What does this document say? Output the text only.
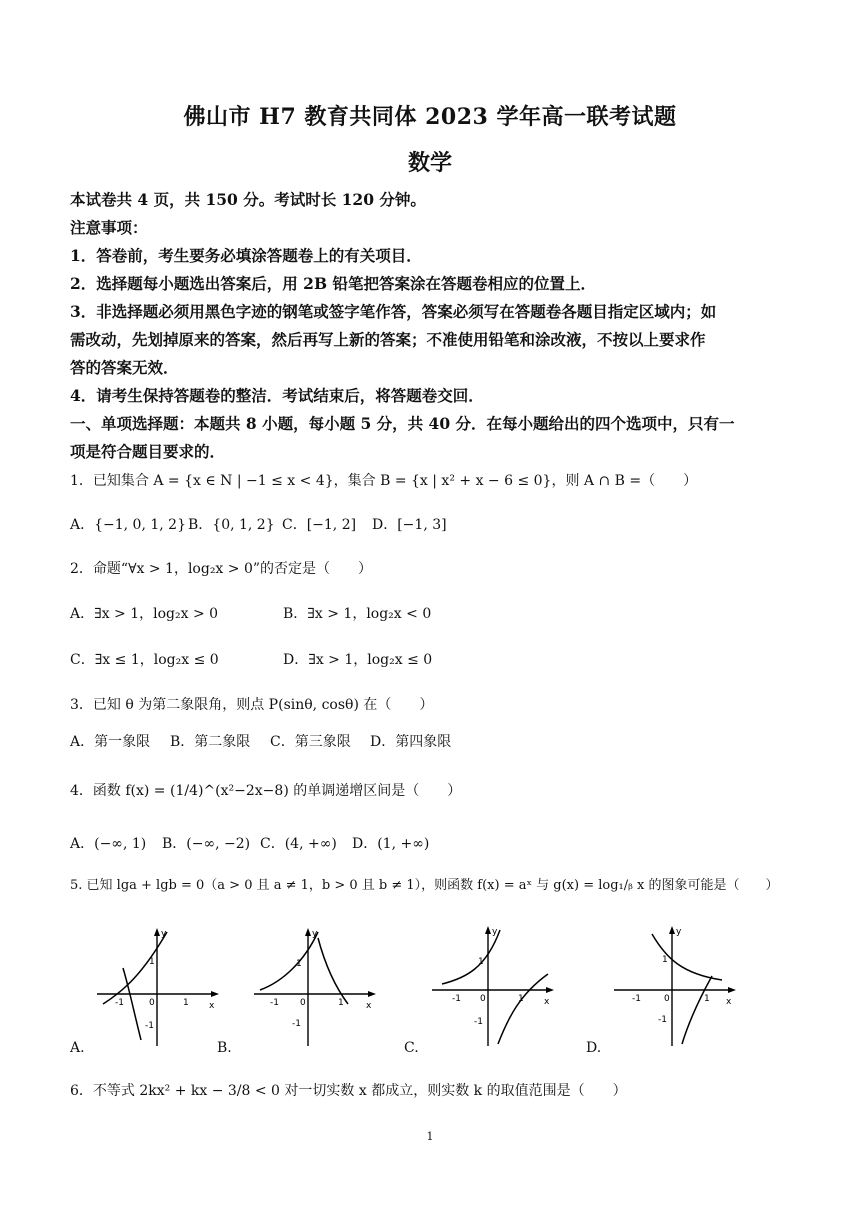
佛山市 H7 教育共同体 2023 学年高一联考试题
数学
本试卷共 4 页，共 150 分。考试时长 120 分钟。
注意事项：
1．答卷前，考生要务必填涂答题卷上的有关项目．
2．选择题每小题选出答案后，用 2B 铅笔把答案涂在答题卷相应的位置上．
3．非选择题必须用黑色字迹的钢笔或签字笔作答，答案必须写在答题卷各题目指定区域内；如
需改动，先划掉原来的答案，然后再写上新的答案；不准使用铅笔和涂改液，不按以上要求作
答的答案无效．
4．请考生保持答题卷的整洁．考试结束后，将答题卷交回．
一、单项选择题：本题共 8 小题，每小题 5 分，共 40 分．在每小题给出的四个选项中，只有一
项是符合题目要求的．
1．已知集合 A = {x ∈ N | −1 ≤ x < 4}，集合 B = {x | x² + x − 6 ≤ 0}，则 A ∩ B =（　　）
A．{−1, 0, 1, 2} B．{0, 1, 2} C．[−1, 2] D．[−1, 3]
2．命题“∀x > 1，log₂x > 0”的否定是（　　）
A．∃x > 1，log₂x > 0	B．∃x > 1，log₂x < 0
C．∃x ≤ 1，log₂x ≤ 0	D．∃x > 1，log₂x ≤ 0
3．已知 θ 为第二象限角，则点 P(sinθ, cosθ) 在（　　）
A．第一象限 B．第二象限 C．第三象限 D．第四象限
4．函数 f(x) = (1/4)^(x²−2x−8) 的单调递增区间是（　　）
A．(−∞, 1) B．(−∞, −2) C．(4, +∞) D．(1, +∞)
5. 已知 lga + lgb = 0（a > 0 且 a ≠ 1，b > 0 且 b ≠ 1），则函数 f(x) = aˣ 与 g(x) = log₁/ᵦ x 的图象可能是（　　）
y
x
0	1
-1
1
-1
A.
y
x
0	1
-1
1
-1
B.
y
x
0	1
-1
1
-1
C.
y
x
0	1
-1
1
-1
D.
6．不等式 2kx² + kx − 3/8 < 0 对一切实数 x 都成立，则实数 k 的取值范围是（　　）
1
